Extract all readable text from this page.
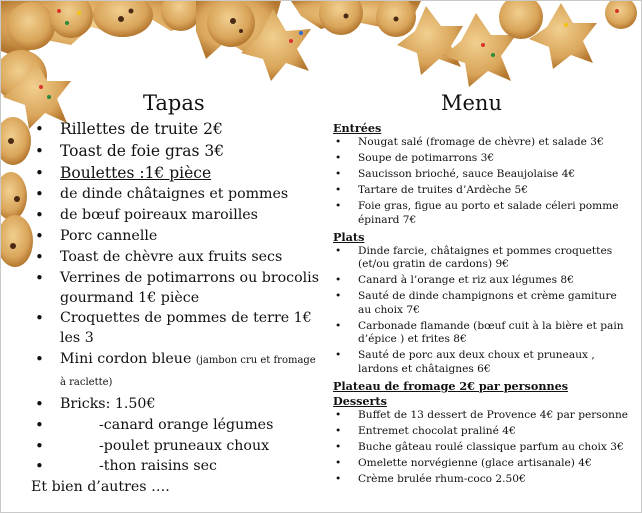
Tapas
• Rillettes de truite 2€
• Toast de foie gras 3€
• Boulettes :1€ pièce
• de dinde châtaignes et pommes
• de bœuf poireaux maroilles
• Porc cannelle
• Toast de chèvre aux fruits secs
• Verrines de potimarrons ou brocolis gourmand 1€ pièce
• Croquettes de pommes de terre 1€ les 3
• Mini cordon bleue (jambon cru et fromage à raclette)
• Bricks: 1.50€
• -canard orange légumes
• -poulet pruneaux choux
• -thon raisins sec
Et bien d’autres ….
Menu
Entrées
• Nougat salé (fromage de chèvre) et salade 3€
• Soupe de potimarrons 3€
• Saucisson brioché, sauce Beaujolaise 4€
• Tartare de truites d’Ardèche 5€
• Foie gras, figue au porto et salade céleri pomme épinard 7€
Plats
• Dinde farcie, châtaignes et pommes croquettes (et/ou gratin de cardons) 9€
• Canard à l’orange et riz aux légumes 8€
• Sauté de dinde champignons et crème gamiture au choix 7€
• Carbonade flamande (bœuf cuit à la bière et pain d’épice ) et frites 8€
• Sauté de porc aux deux choux et pruneaux , lardons et châtaignes 6€
Plateau de fromage 2€ par personnes
Desserts
• Buffet de 13 dessert de Provence 4€ par personne
• Entremet chocolat praliné 4€
• Buche gâteau roulé classique parfum au choix 3€
• Omelette norvégienne (glace artisanale) 4€
• Crème brulée rhum-coco 2.50€
